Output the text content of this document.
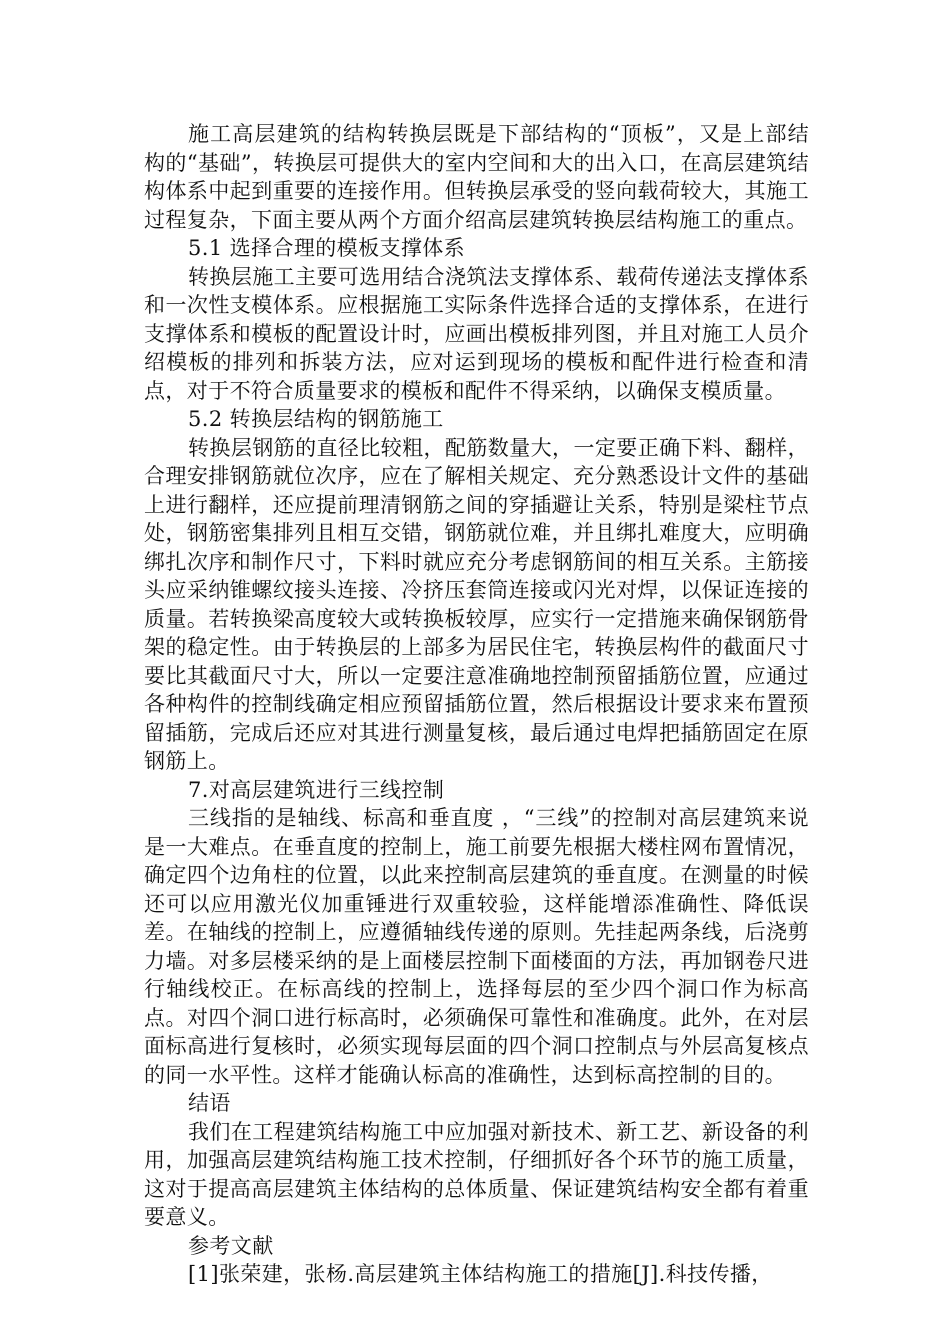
施工高层建筑的结构转换层既是下部结构的“顶板”，又是上部结构的“基础”，转换层可提供大的室内空间和大的出入口，在高层建筑结构体系中起到重要的连接作用。但转换层承受的竖向载荷较大，其施工过程复杂，下面主要从两个方面介绍高层建筑转换层结构施工的重点。

5.1 选择合理的模板支撑体系

转换层施工主要可选用结合浇筑法支撑体系、载荷传递法支撑体系和一次性支模体系。应根据施工实际条件选择合适的支撑体系，在进行支撑体系和模板的配置设计时，应画出模板排列图，并且对施工人员介绍模板的排列和拆装方法，应对运到现场的模板和配件进行检查和清点，对于不符合质量要求的模板和配件不得采纳，以确保支模质量。

5.2 转换层结构的钢筋施工

转换层钢筋的直径比较粗，配筋数量大，一定要正确下料、翻样，合理安排钢筋就位次序，应在了解相关规定、充分熟悉设计文件的基础上进行翻样，还应提前理清钢筋之间的穿插避让关系，特别是梁柱节点处，钢筋密集排列且相互交错，钢筋就位难，并且绑扎难度大，应明确绑扎次序和制作尺寸，下料时就应充分考虑钢筋间的相互关系。主筋接头应采纳锥螺纹接头连接、冷挤压套筒连接或闪光对焊，以保证连接的质量。若转换梁高度较大或转换板较厚，应实行一定措施来确保钢筋骨架的稳定性。由于转换层的上部多为居民住宅，转换层构件的截面尺寸要比其截面尺寸大，所以一定要注意准确地控制预留插筋位置，应通过各种构件的控制线确定相应预留插筋位置，然后根据设计要求来布置预留插筋，完成后还应对其进行测量复核，最后通过电焊把插筋固定在原钢筋上。

7.对高层建筑进行三线控制

三线指的是轴线、标高和垂直度 ，“三线”的控制对高层建筑来说是一大难点。在垂直度的控制上，施工前要先根据大楼柱网布置情况，确定四个边角柱的位置，以此来控制高层建筑的垂直度。在测量的时候还可以应用激光仪加重锤进行双重较验，这样能增添准确性、降低误差。在轴线的控制上，应遵循轴线传递的原则。先挂起两条线，后浇剪力墙。对多层楼采纳的是上面楼层控制下面楼面的方法，再加钢卷尺进行轴线校正。在标高线的控制上，选择每层的至少四个洞口作为标高点。对四个洞口进行标高时，必须确保可靠性和准确度。此外，在对层面标高进行复核时，必须实现每层面的四个洞口控制点与外层高复核点的同一水平性。这样才能确认标高的准确性，达到标高控制的目的。

结语

我们在工程建筑结构施工中应加强对新技术、新工艺、新设备的利用，加强高层建筑结构施工技术控制，仔细抓好各个环节的施工质量，这对于提高高层建筑主体结构的总体质量、保证建筑结构安全都有着重要意义。

参考文献

[1]张荣建，张杨.高层建筑主体结构施工的措施[J].科技传播，
